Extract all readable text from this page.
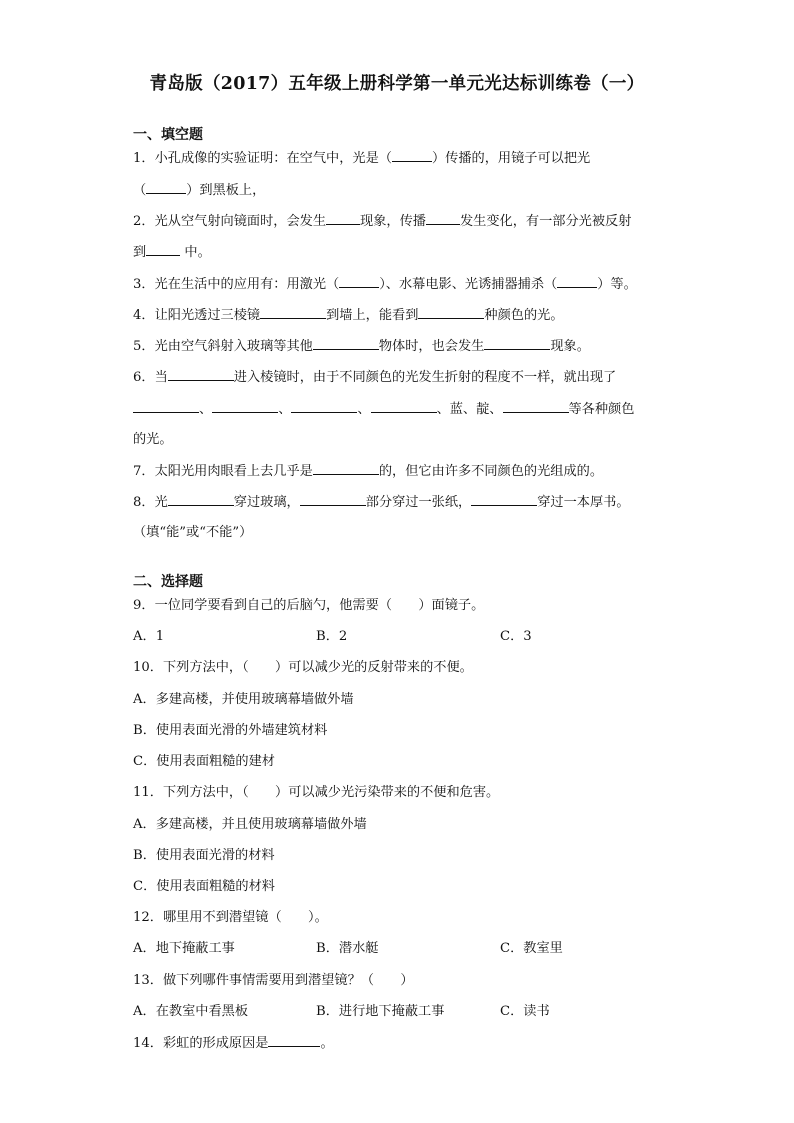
青岛版（2017）五年级上册科学第一单元光达标训练卷（一）
一、填空题
1．小孔成像的实验证明：在空气中，光是（	）传播的，用镜子可以把光
（	）到黑板上，
2．光从空气射向镜面时，会发生	现象，传播	发生变化，有一部分光被反射
到	中。
3．光在生活中的应用有：用激光（	）、水幕电影、光诱捕器捕杀（	）等。
4．让阳光透过三棱镜	到墙上，能看到	种颜色的光。
5．光由空气斜射入玻璃等其他	物体时，也会发生	现象。
6．当	进入棱镜时，由于不同颜色的光发生折射的程度不一样，就出现了
、	、	、	、蓝、靛、	等各种颜色
的光。
7．太阳光用肉眼看上去几乎是	的，但它由许多不同颜色的光组成的。
8．光	穿过玻璃，	部分穿过一张纸，	穿过一本厚书。
（填“能”或“不能”）
二、选择题
9．一位同学要看到自己的后脑勺，他需要（　　）面镜子。
A．1	B．2	C．3
10．下列方法中，（　　）可以减少光的反射带来的不便。
A．多建高楼，并使用玻璃幕墙做外墙
B．使用表面光滑的外墙建筑材料
C．使用表面粗糙的建材
11．下列方法中，（　　）可以减少光污染带来的不便和危害。
A．多建高楼，并且使用玻璃幕墙做外墙
B．使用表面光滑的材料
C．使用表面粗糙的材料
12．哪里用不到潜望镜（　　）。
A．地下掩蔽工事	B．潜水艇	C．教室里
13．做下列哪件事情需要用到潜望镜？（　　）
A．在教室中看黑板	B．进行地下掩蔽工事	C．读书
14．彩虹的形成原因是	。
